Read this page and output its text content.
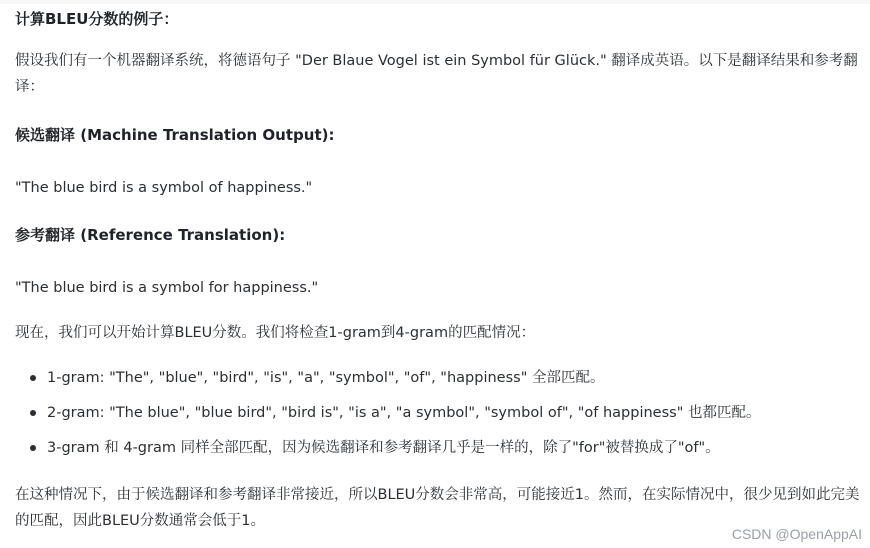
计算BLEU分数的例子：
假设我们有一个机器翻译系统，将德语句子 "Der Blaue Vogel ist ein Symbol für Glück." 翻译成英语。以下是翻译结果和参考翻译：
候选翻译 (Machine Translation Output):
"The blue bird is a symbol of happiness."
参考翻译 (Reference Translation):
"The blue bird is a symbol for happiness."
现在，我们可以开始计算BLEU分数。我们将检查1-gram到4-gram的匹配情况：
1-gram: "The", "blue", "bird", "is", "a", "symbol", "of", "happiness" 全部匹配。
2-gram: "The blue", "blue bird", "bird is", "is a", "a symbol", "symbol of", "of happiness" 也都匹配。
3-gram 和 4-gram 同样全部匹配，因为候选翻译和参考翻译几乎是一样的，除了"for"被替换成了"of"。
在这种情况下，由于候选翻译和参考翻译非常接近，所以BLEU分数会非常高，可能接近1。然而，在实际情况中，很少见到如此完美的匹配，因此BLEU分数通常会低于1。
CSDN @OpenAppAI
